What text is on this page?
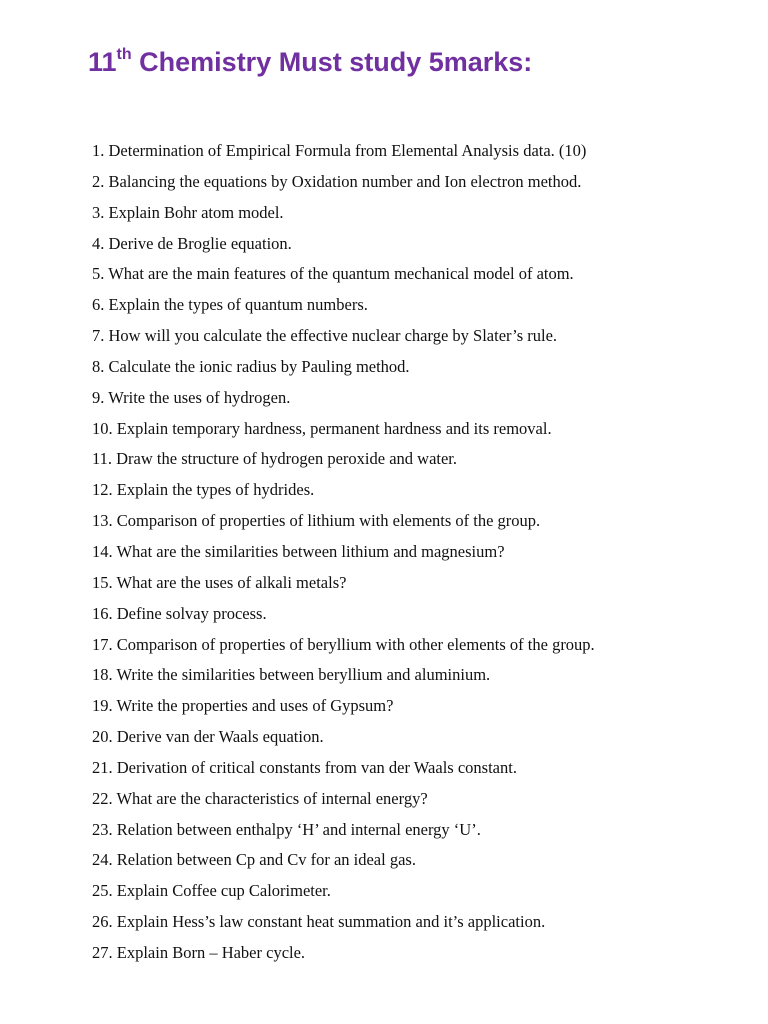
11th Chemistry Must study 5marks:
1. Determination of Empirical Formula from Elemental Analysis data. (10)
2. Balancing the equations by Oxidation number and Ion electron method.
3. Explain Bohr atom model.
4. Derive de Broglie equation.
5. What are the main features of the quantum mechanical model of atom.
6. Explain the types of quantum numbers.
7. How will you calculate the effective nuclear charge by Slater’s rule.
8. Calculate the ionic radius by Pauling method.
9. Write the uses of hydrogen.
10. Explain temporary hardness, permanent hardness and its removal.
11. Draw the structure of hydrogen peroxide and water.
12. Explain the types of hydrides.
13. Comparison of properties of lithium with elements of the group.
14. What are the similarities between lithium and magnesium?
15. What are the uses of alkali metals?
16. Define solvay process.
17. Comparison of properties of beryllium with other elements of the group.
18. Write the similarities between beryllium and aluminium.
19. Write the properties and uses of Gypsum?
20. Derive van der Waals equation.
21. Derivation of critical constants from van der Waals constant.
22. What are the characteristics of internal energy?
23. Relation between enthalpy ‘H’ and internal energy ‘U’.
24. Relation between Cp and Cv for an ideal gas.
25. Explain Coffee cup Calorimeter.
26. Explain Hess’s law constant heat summation and it’s application.
27. Explain Born – Haber cycle.
